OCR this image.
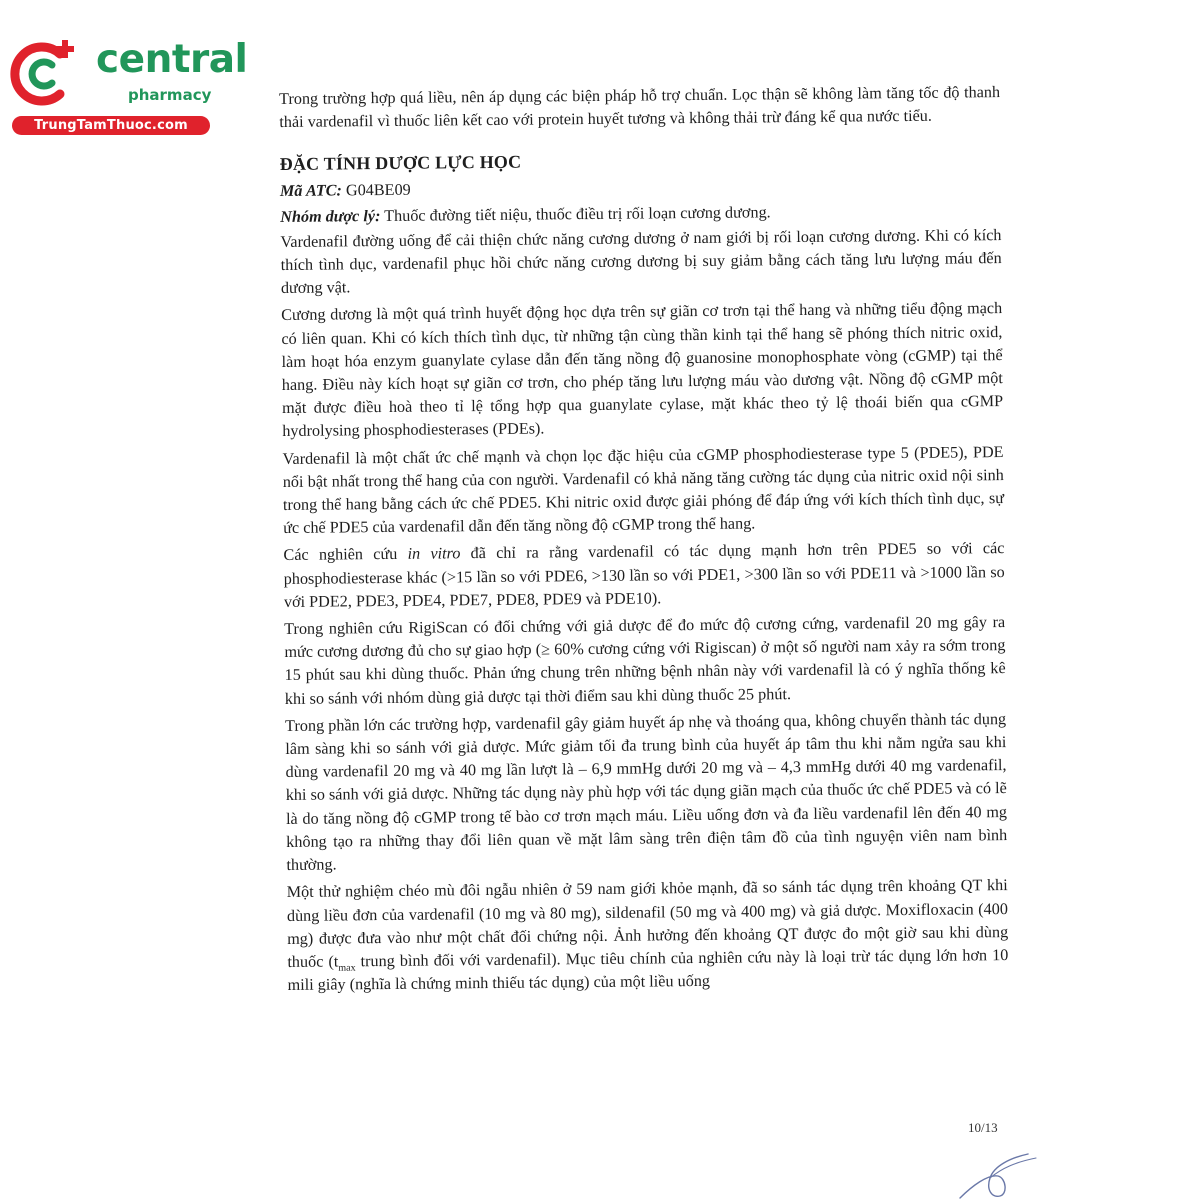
central
pharmacy
TrungTamThuoc.com

Trong trường hợp quá liều, nên áp dụng các biện pháp hỗ trợ chuẩn. Lọc thận sẽ không làm tăng tốc độ thanh thải vardenafil vì thuốc liên kết cao với protein huyết tương và không thải trừ đáng kể qua nước tiểu.

ĐẶC TÍNH DƯỢC LỰC HỌC
Mã ATC: G04BE09
Nhóm dược lý: Thuốc đường tiết niệu, thuốc điều trị rối loạn cương dương.

Vardenafil đường uống để cải thiện chức năng cương dương ở nam giới bị rối loạn cương dương. Khi có kích thích tình dục, vardenafil phục hồi chức năng cương dương bị suy giảm bằng cách tăng lưu lượng máu đến dương vật.

Cương dương là một quá trình huyết động học dựa trên sự giãn cơ trơn tại thể hang và những tiểu động mạch có liên quan. Khi có kích thích tình dục, từ những tận cùng thần kinh tại thể hang sẽ phóng thích nitric oxid, làm hoạt hóa enzym guanylate cylase dẫn đến tăng nồng độ guanosine monophosphate vòng (cGMP) tại thể hang. Điều này kích hoạt sự giãn cơ trơn, cho phép tăng lưu lượng máu vào dương vật. Nồng độ cGMP một mặt được điều hoà theo tỉ lệ tổng hợp qua guanylate cylase, mặt khác theo tỷ lệ thoái biến qua cGMP hydrolysing phosphodiesterases (PDEs).

Vardenafil là một chất ức chế mạnh và chọn lọc đặc hiệu của cGMP phosphodiesterase type 5 (PDE5), PDE nổi bật nhất trong thể hang của con người. Vardenafil có khả năng tăng cường tác dụng của nitric oxid nội sinh trong thể hang bằng cách ức chế PDE5. Khi nitric oxid được giải phóng để đáp ứng với kích thích tình dục, sự ức chế PDE5 của vardenafil dẫn đến tăng nồng độ cGMP trong thể hang.

Các nghiên cứu in vitro đã chỉ ra rằng vardenafil có tác dụng mạnh hơn trên PDE5 so với các phosphodiesterase khác (>15 lần so với PDE6, >130 lần so với PDE1, >300 lần so với PDE11 và >1000 lần so với PDE2, PDE3, PDE4, PDE7, PDE8, PDE9 và PDE10).

Trong nghiên cứu RigiScan có đối chứng với giả dược để đo mức độ cương cứng, vardenafil 20 mg gây ra mức cương dương đủ cho sự giao hợp (≥ 60% cương cứng với Rigiscan) ở một số người nam xảy ra sớm trong 15 phút sau khi dùng thuốc. Phản ứng chung trên những bệnh nhân này với vardenafil là có ý nghĩa thống kê khi so sánh với nhóm dùng giả dược tại thời điểm sau khi dùng thuốc 25 phút.

Trong phần lớn các trường hợp, vardenafil gây giảm huyết áp nhẹ và thoáng qua, không chuyển thành tác dụng lâm sàng khi so sánh với giả dược. Mức giảm tối đa trung bình của huyết áp tâm thu khi nằm ngửa sau khi dùng vardenafil 20 mg và 40 mg lần lượt là – 6,9 mmHg dưới 20 mg và – 4,3 mmHg dưới 40 mg vardenafil, khi so sánh với giả dược. Những tác dụng này phù hợp với tác dụng giãn mạch của thuốc ức chế PDE5 và có lẽ là do tăng nồng độ cGMP trong tế bào cơ trơn mạch máu. Liều uống đơn và đa liều vardenafil lên đến 40 mg không tạo ra những thay đổi liên quan về mặt lâm sàng trên điện tâm đồ của tình nguyện viên nam bình thường.

Một thử nghiệm chéo mù đôi ngẫu nhiên ở 59 nam giới khỏe mạnh, đã so sánh tác dụng trên khoảng QT khi dùng liều đơn của vardenafil (10 mg và 80 mg), sildenafil (50 mg và 400 mg) và giả dược. Moxifloxacin (400 mg) được đưa vào như một chất đối chứng nội. Ảnh hưởng đến khoảng QT được đo một giờ sau khi dùng thuốc ($t_{max}$ trung bình đối với vardenafil). Mục tiêu chính của nghiên cứu này là loại trừ tác dụng lớn hơn 10 mili giây (nghĩa là chứng minh thiếu tác dụng) của một liều uống

10/13
